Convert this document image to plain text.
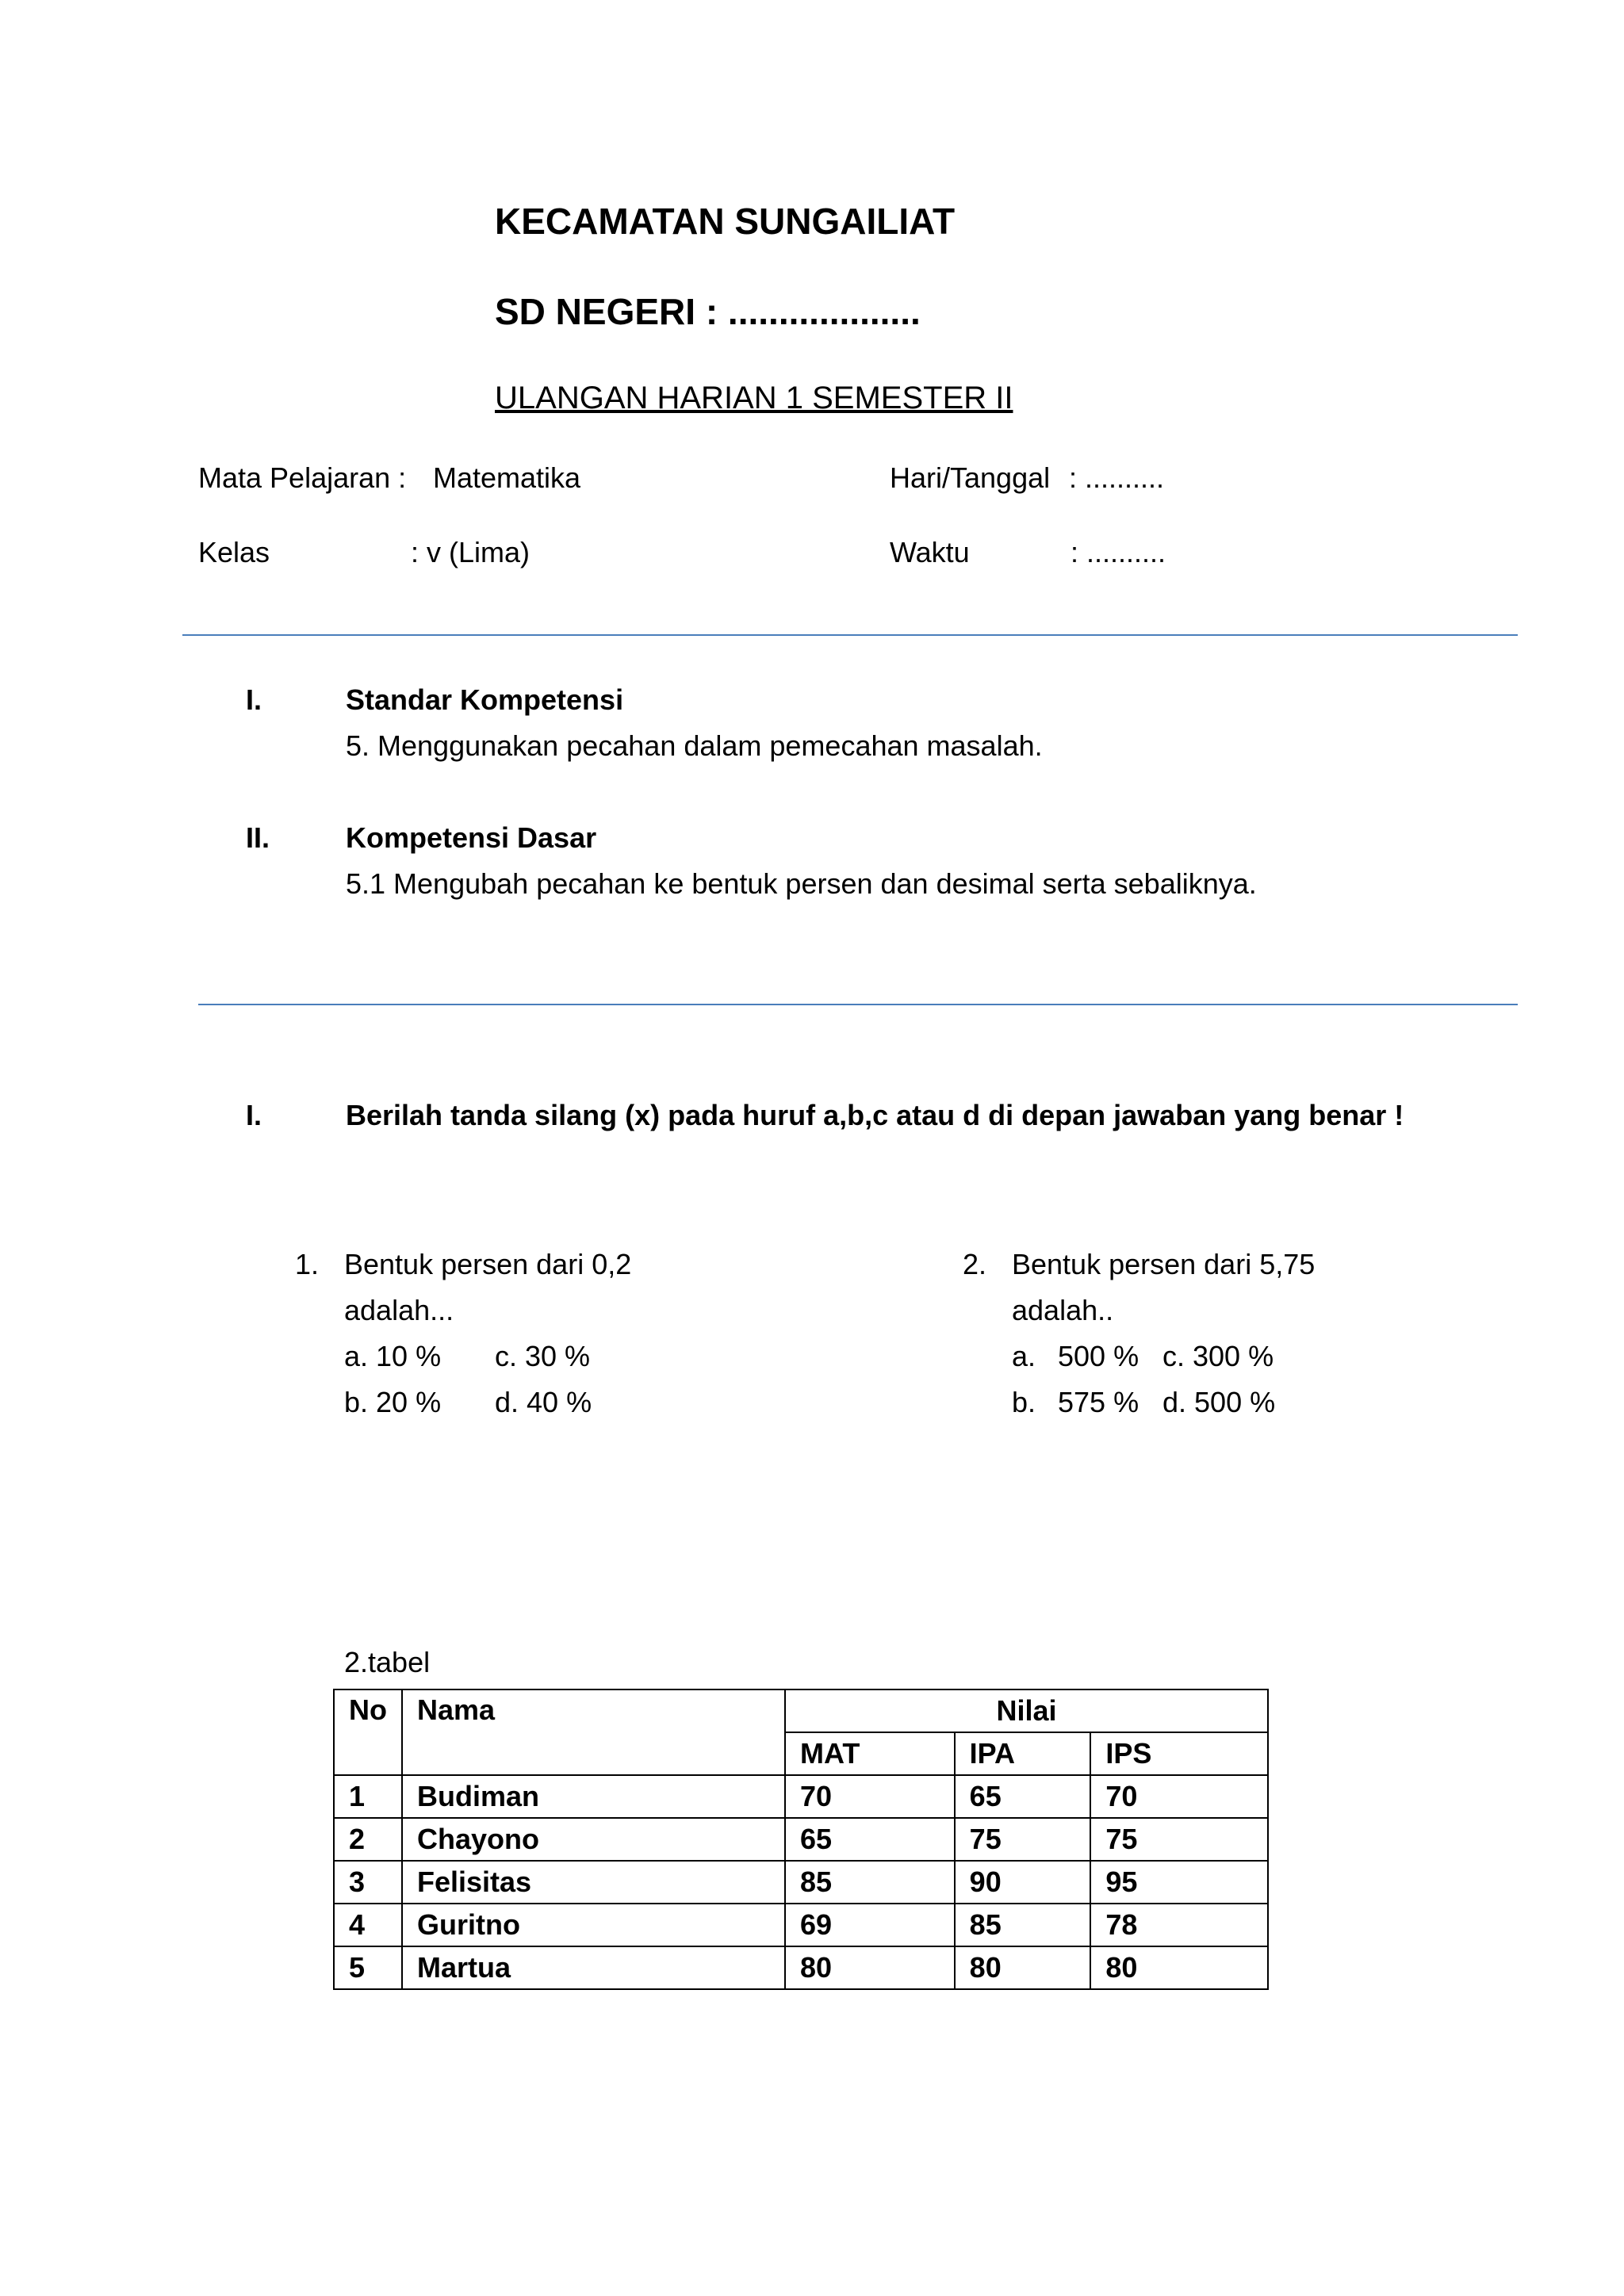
KECAMATAN SUNGAILIAT
SD NEGERI : ...................
ULANGAN HARIAN 1 SEMESTER II
Mata Pelajaran : Matematika	Hari/Tanggal : ..........
Kelas	: v (Lima)	Waktu	: ..........
I.	Standar Kompetensi
5. Menggunakan pecahan dalam pemecahan masalah.
II.	Kompetensi Dasar
5.1 Mengubah pecahan ke bentuk persen dan desimal serta sebaliknya.
I.	Berilah tanda silang (x) pada huruf a,b,c atau d di depan jawaban yang benar !
1. Bentuk persen dari 0,2
adalah...
a. 10 % c. 30 %
b. 20 % d. 40 %
2. Bentuk persen dari 5,75
adalah..
a. 500 % c. 300 %
b. 575 % d. 500 %
2.tabel
No	Nama	Nilai		
		MAT	IPA	IPS
1	Budiman	70	65	70
2	Chayono	65	75	75
3	Felisitas	85	90	95
4	Guritno	69	85	78
5	Martua	80	80	80
